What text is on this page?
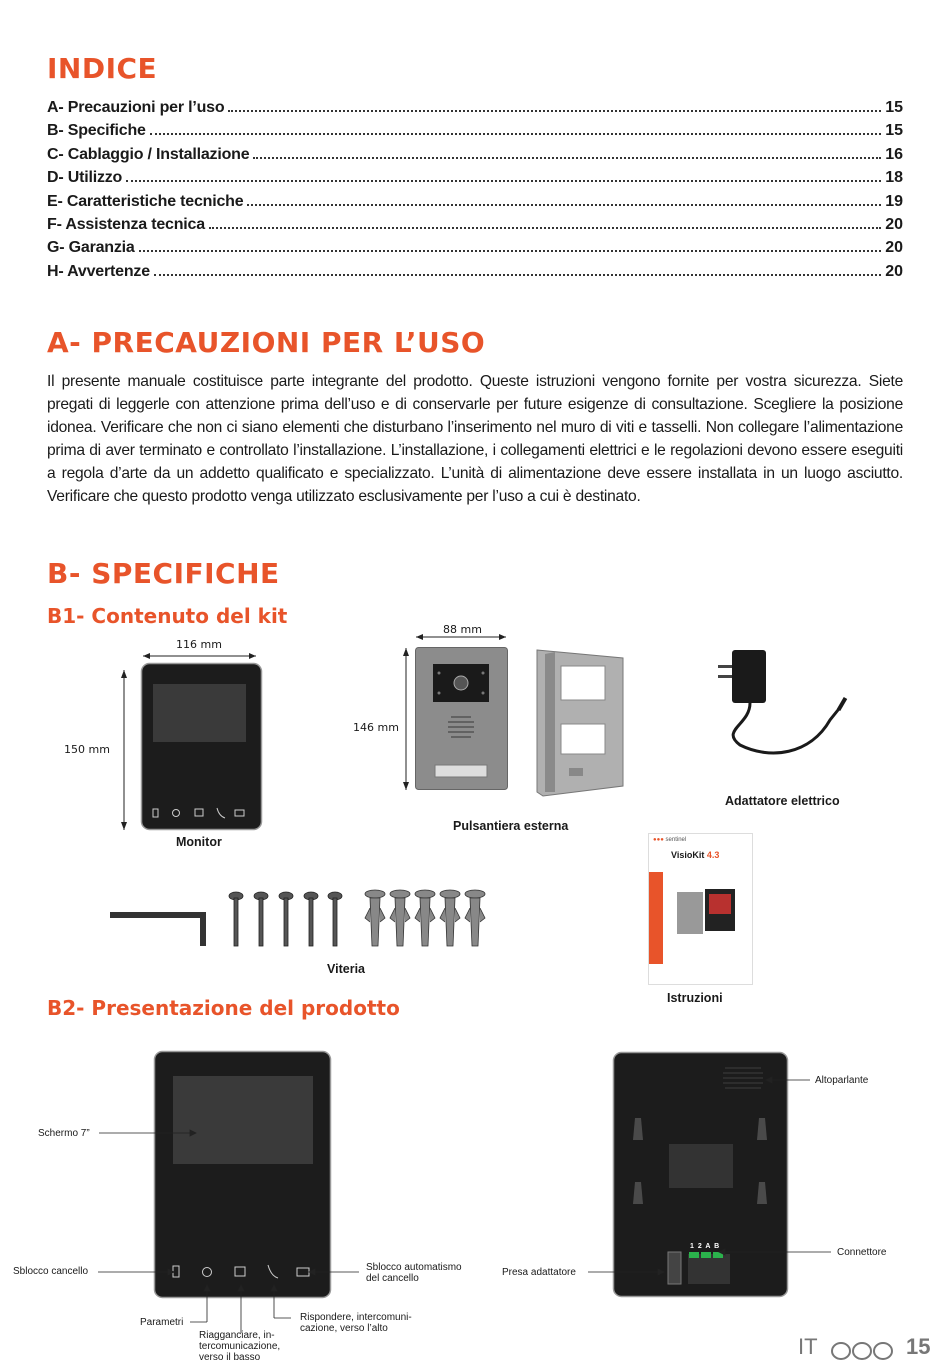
INDICE
A- Precauzioni per l’uso	15
B- Specifiche	15
C- Cablaggio / Installazione	16
D- Utilizzo	18
E- Caratteristiche tecniche	19
F- Assistenza tecnica	20
G- Garanzia	20
H- Avvertenze	20
A- PRECAUZIONI PER L’USO

Il presente manuale costituisce parte integrante del prodotto. Queste istruzioni vengono fornite per vostra sicurezza. Siete pregati di leggerle con attenzione prima dell’uso e di conservarle per future esigenze di consultazione. Scegliere la posizione idonea. Verificare che non ci siano elementi che disturbano l’inserimento nel muro di viti e tasselli. Non collegare l’alimentazione prima di aver terminato e controllato l’installazione. L’installazione, i collegamenti elettrici e le regolazioni devono essere eseguiti a regola d’arte da un addetto qualificato e specializzato. L’unità di alimentazione deve essere installata in un luogo asciutto. Verificare che questo prodotto venga utilizzato esclusivamente per l’uso a cui è destinato.

B- SPECIFICHE
B1- Contenuto del kit
116 mm
150 mm
Monitor
88 mm
146 mm
Pulsantiera esterna
Adattatore elettrico
●●● sentinel
VisioKit 4.3
Istruzioni
Viteria
B2- Presentazione del prodotto
Schermo 7”
Sblocco cancello
Parametri
Riagganciare, in-
tercomunicazione,
verso il basso
Rispondere, intercomuni-
cazione, verso l’alto
Sblocco automatismo
del cancello
1 2 A B
Altoparlante
Connettore
Presa adattatore
IT	15
